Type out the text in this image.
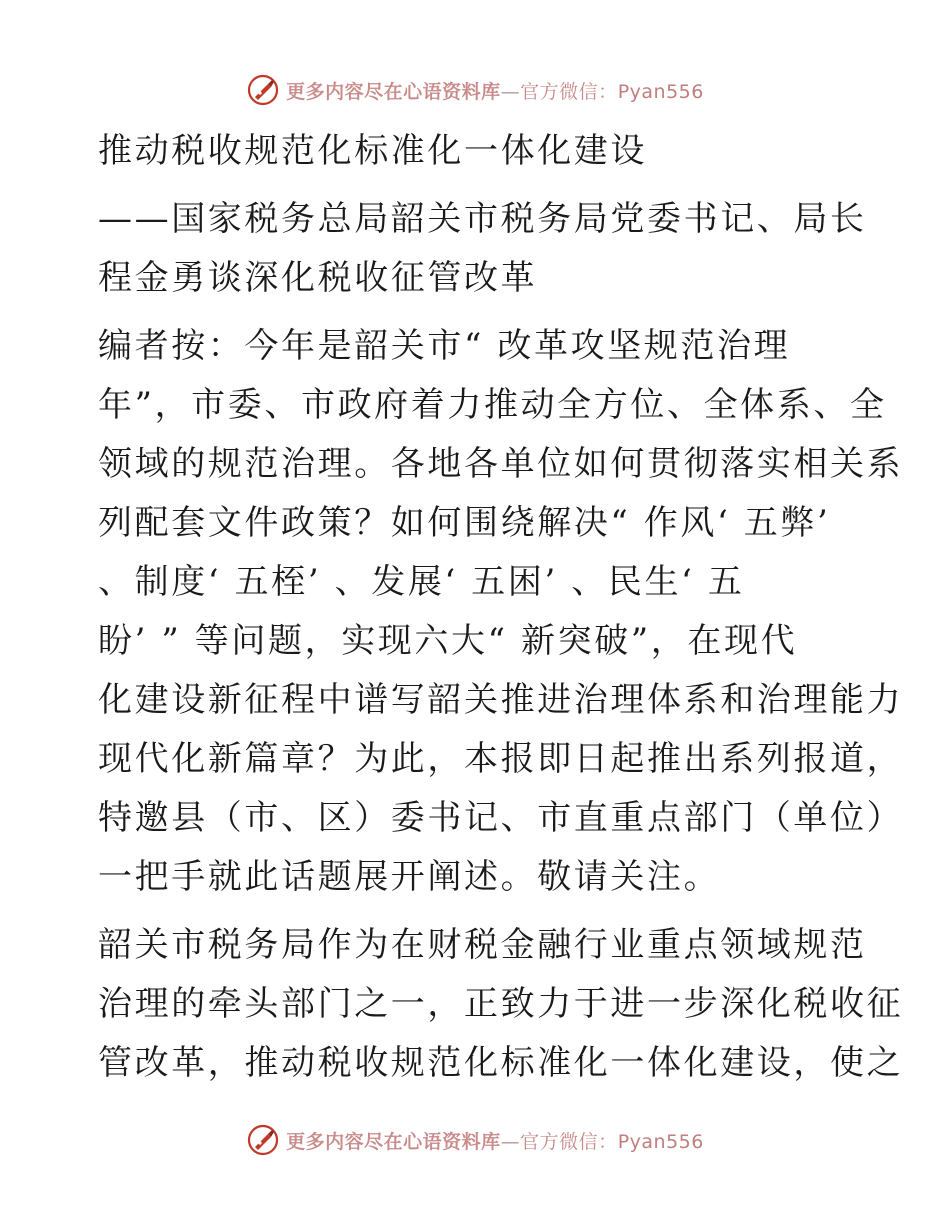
更多内容尽在心语资料库—官方微信：Pyan556
推动税收规范化标准化一体化建设
——国家税务总局韶关市税务局党委书记、局长
程金勇谈深化税收征管改革
编者按：今年是韶关市“ 改革攻坚规范治理
年”，市委、市政府着力推动全方位、全体系、全
领域的规范治理。各地各单位如何贯彻落实相关系
列配套文件政策？如何围绕解决“ 作风‘ 五弊’
、制度‘ 五桎’ 、发展‘ 五困’ 、民生‘ 五
盼’ ” 等问题，实现六大“ 新突破”，在现代
化建设新征程中谱写韶关推进治理体系和治理能力
现代化新篇章？为此，本报即日起推出系列报道，
特邀县（市、区）委书记、市直重点部门（单位）
一把手就此话题展开阐述。敬请关注。
韶关市税务局作为在财税金融行业重点领域规范
治理的牵头部门之一，正致力于进一步深化税收征
管改革，推动税收规范化标准化一体化建设，使之
更多内容尽在心语资料库—官方微信：Pyan556
